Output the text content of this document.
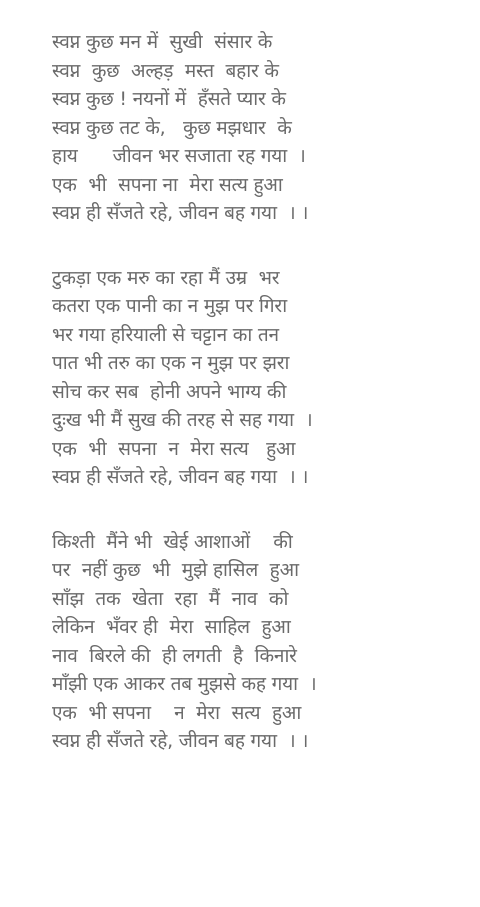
स्वप्न कुछ मन में  सुखी  संसार के
स्वप्न  कुछ  अल्हड़  मस्त  बहार के
स्वप्न कुछ ! नयनों में  हँसते प्यार के
स्वप्न कुछ तट के,   कुछ मझधार  के
हाय      जीवन भर सजाता रह गया  ।
एक  भी  सपना ना  मेरा सत्य हुआ
स्वप्न ही सँजते रहे, जीवन बह गया  । ।
टुकड़ा एक मरु का रहा मैं उम्र  भर
कतरा एक पानी का न मुझ पर गिरा
भर गया हरियाली से चट्टान का तन
पात भी तरु का एक न मुझ पर झरा
सोच कर सब  होनी अपने भाग्य की
दुःख भी मैं सुख की तरह से सह गया  ।
एक  भी  सपना  न  मेरा सत्य   हुआ
स्वप्न ही सँजते रहे, जीवन बह गया  । ।
किश्ती  मैंने भी  खेई आशाओं    की
पर  नहीं कुछ  भी  मुझे हासिल  हुआ
साँझ  तक  खेता  रहा  मैं  नाव  को
लेकिन  भँवर ही  मेरा  साहिल  हुआ
नाव  बिरले की  ही लगती  है  किनारे
माँझी एक आकर तब मुझसे कह गया  ।
एक  भी सपना    न  मेरा  सत्य  हुआ
स्वप्न ही सँजते रहे, जीवन बह गया  । ।
